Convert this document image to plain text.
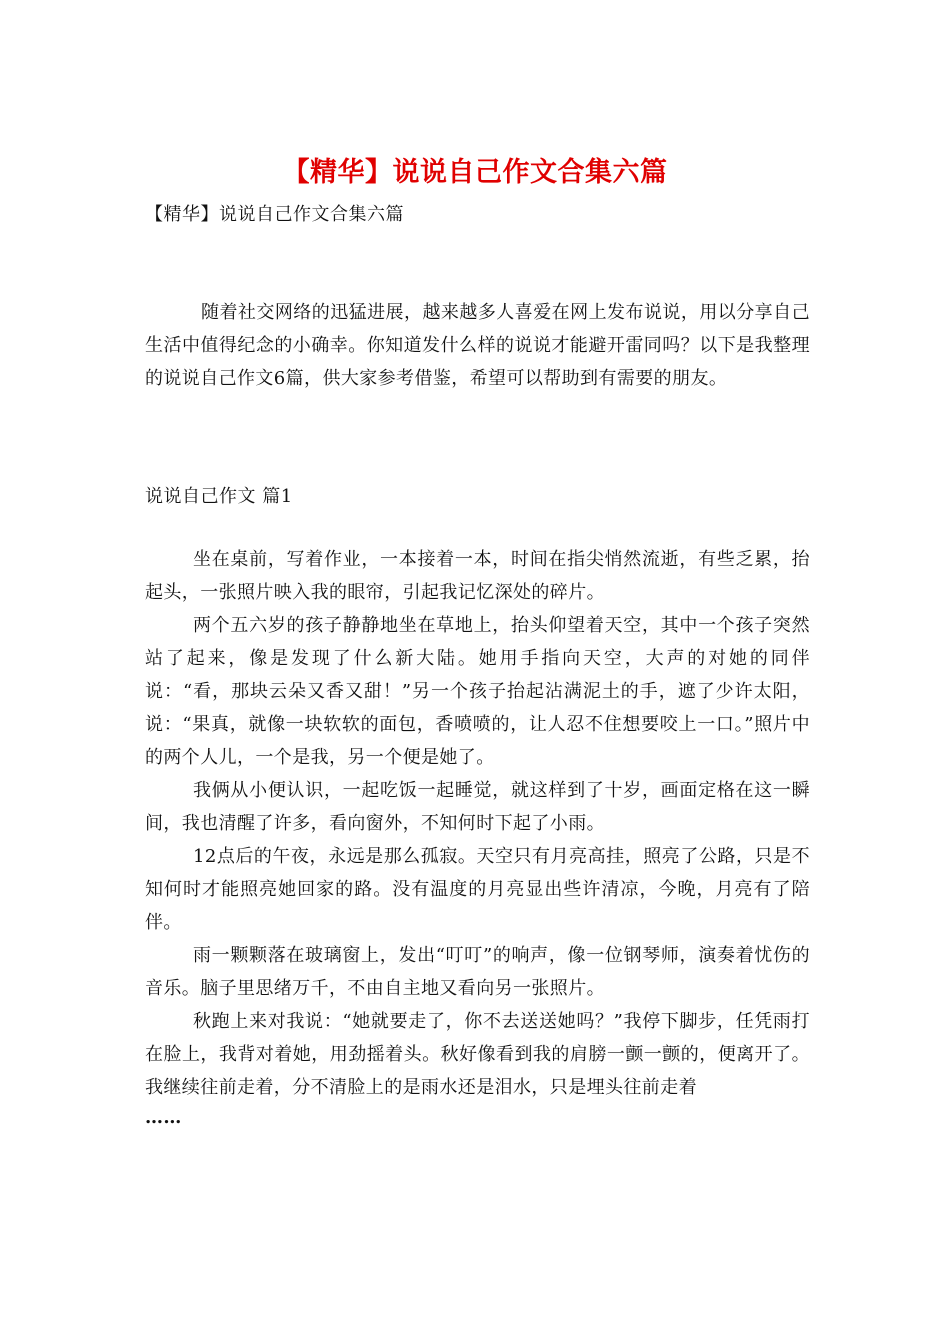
【精华】说说自己作文合集六篇
【精华】说说自己作文合集六篇
随着社交网络的迅猛进展，越来越多人喜爱在网上发布说说，用以分享自己生活中值得纪念的小确幸。你知道发什么样的说说才能避开雷同吗？以下是我整理的说说自己作文6篇，供大家参考借鉴，希望可以帮助到有需要的朋友。
说说自己作文 篇1

坐在桌前，写着作业，一本接着一本，时间在指尖悄然流逝，有些乏累，抬起头，一张照片映入我的眼帘，引起我记忆深处的碎片。

两个五六岁的孩子静静地坐在草地上，抬头仰望着天空，其中一个孩子突然站了起来，像是发现了什么新大陆。她用手指向天空，大声的对她的同伴说：“看，那块云朵又香又甜！”另一个孩子抬起沾满泥土的手，遮了少许太阳，说：“果真，就像一块软软的面包，香喷喷的，让人忍不住想要咬上一口。”照片中的两个人儿，一个是我，另一个便是她了。

我俩从小便认识，一起吃饭一起睡觉，就这样到了十岁，画面定格在这一瞬间，我也清醒了许多，看向窗外，不知何时下起了小雨。

12点后的午夜，永远是那么孤寂。天空只有月亮高挂，照亮了公路，只是不知何时才能照亮她回家的路。没有温度的月亮显出些许清凉，今晚，月亮有了陪伴。

雨一颗颗落在玻璃窗上，发出“叮叮”的响声，像一位钢琴师，演奏着忧伤的音乐。脑子里思绪万千，不由自主地又看向另一张照片。

秋跑上来对我说：“她就要走了，你不去送送她吗？”我停下脚步，任凭雨打在脸上，我背对着她，用劲摇着头。秋好像看到我的肩膀一颤一颤的，便离开了。我继续往前走着，分不清脸上的是雨水还是泪水，只是埋头往前走着

……
